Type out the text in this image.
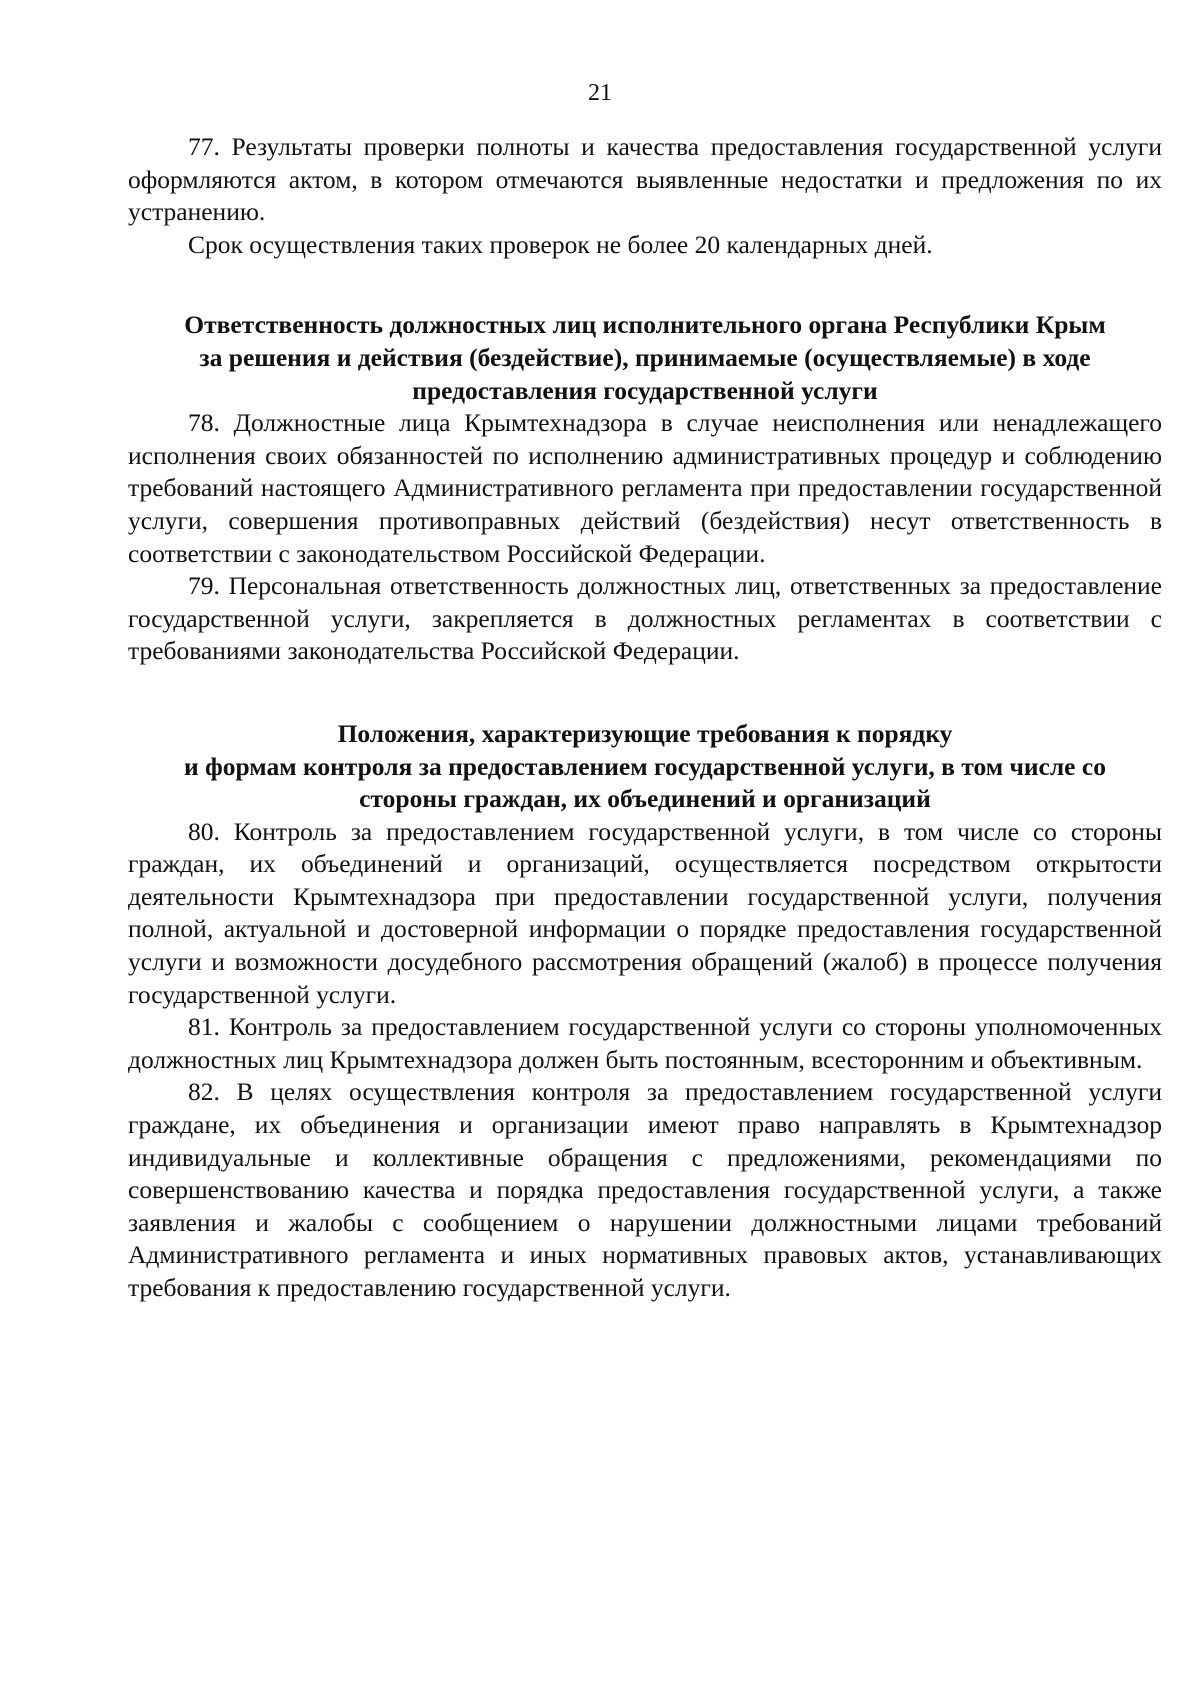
21

77. Результаты проверки полноты и качества предоставления государственной услуги оформляются актом, в котором отмечаются выявленные недостатки и предложения по их устранению.

Срок осуществления таких проверок не более 20 календарных дней.

Ответственность должностных лиц исполнительного органа Республики Крым
за решения и действия (бездействие), принимаемые (осуществляемые) в ходе
предоставления государственной услуги

78. Должностные лица Крымтехнадзора в случае неисполнения или ненадлежащего исполнения своих обязанностей по исполнению административных процедур и соблюдению требований настоящего Административного регламента при предоставлении государственной услуги, совершения противоправных действий (бездействия) несут ответственность в соответствии с законодательством Российской Федерации.

79. Персональная ответственность должностных лиц, ответственных за предоставление государственной услуги, закрепляется в должностных регламентах в соответствии с требованиями законодательства Российской Федерации.

Положения, характеризующие требования к порядку
и формам контроля за предоставлением государственной услуги, в том числе со
стороны граждан, их объединений и организаций

80. Контроль за предоставлением государственной услуги, в том числе со стороны граждан, их объединений и организаций, осуществляется посредством открытости деятельности Крымтехнадзора при предоставлении государственной услуги, получения полной, актуальной и достоверной информации о порядке предоставления государственной услуги и возможности досудебного рассмотрения обращений (жалоб) в процессе получения государственной услуги.

81. Контроль за предоставлением государственной услуги со стороны уполномоченных должностных лиц Крымтехнадзора должен быть постоянным, всесторонним и объективным.

82. В целях осуществления контроля за предоставлением государственной услуги граждане, их объединения и организации имеют право направлять в Крымтехнадзор индивидуальные и коллективные обращения с предложениями, рекомендациями по совершенствованию качества и порядка предоставления государственной услуги, а также заявления и жалобы с сообщением о нарушении должностными лицами требований Административного регламента и иных нормативных правовых актов, устанавливающих требования к предоставлению государственной услуги.
